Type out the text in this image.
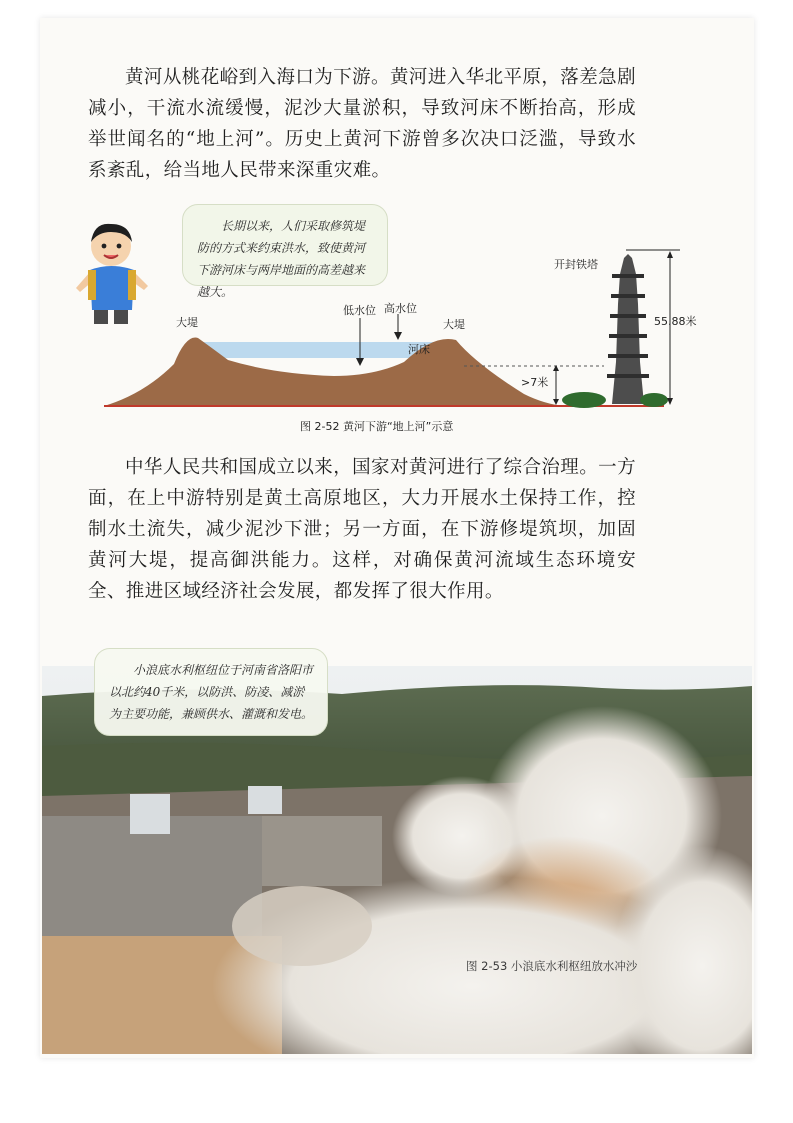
黄河从桃花峪到入海口为下游。黄河进入华北平原，落差急剧减小，干流水流缓慢，泥沙大量淤积，导致河床不断抬高，形成举世闻名的“地上河”。历史上黄河下游曾多次决口泛滥，导致水系紊乱，给当地人民带来深重灾难。

长期以来，人们采取修筑堤防的方式来约束洪水，致使黄河下游河床与两岸地面的高差越来越大。
大堤
低水位 高水位
大堤
河床
>7米
开封铁塔
55.88米
图 2-52 黄河下游“地上河”示意

中华人民共和国成立以来，国家对黄河进行了综合治理。一方面，在上中游特别是黄土高原地区，大力开展水土保持工作，控制水土流失，减少泥沙下泄；另一方面，在下游修堤筑坝，加固黄河大堤，提高御洪能力。这样，对确保黄河流域生态环境安全、推进区域经济社会发展，都发挥了很大作用。

小浪底水利枢纽位于河南省洛阳市以北约40千米，以防洪、防凌、减淤为主要功能，兼顾供水、灌溉和发电。
图 2-53 小浪底水利枢纽放水冲沙
